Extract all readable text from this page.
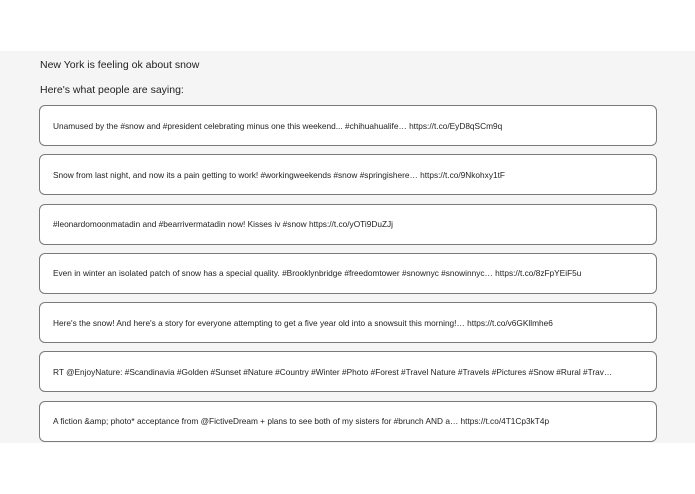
New York is feeling ok about snow
Here's what people are saying:
Unamused by the #snow and #president celebrating minus one this weekend... #chihuahualife… https://t.co/EyD8qSCm9q
Snow from last night, and now its a pain getting to work! #workingweekends #snow #springishere… https://t.co/9Nkohxy1tF
#leonardomoonmatadin and #bearrivermatadin now! Kisses iv #snow https://t.co/yOTi9DuZJj
Even in winter an isolated patch of snow has a special quality. #Brooklynbridge #freedomtower #snownyc #snowinnyc… https://t.co/8zFpYEiF5u
Here's the snow! And here's a story for everyone attempting to get a five year old into a snowsuit this morning!… https://t.co/v6GKllmhe6
RT @EnjoyNature: #Scandinavia #Golden #Sunset #Nature #Country #Winter #Photo #Forest #Travel Nature #Travels #Pictures #Snow #Rural #Trav…
A fiction &amp; photo* acceptance from @FictiveDream + plans to see both of my sisters for #brunch AND a… https://t.co/4T1Cp3kT4p
